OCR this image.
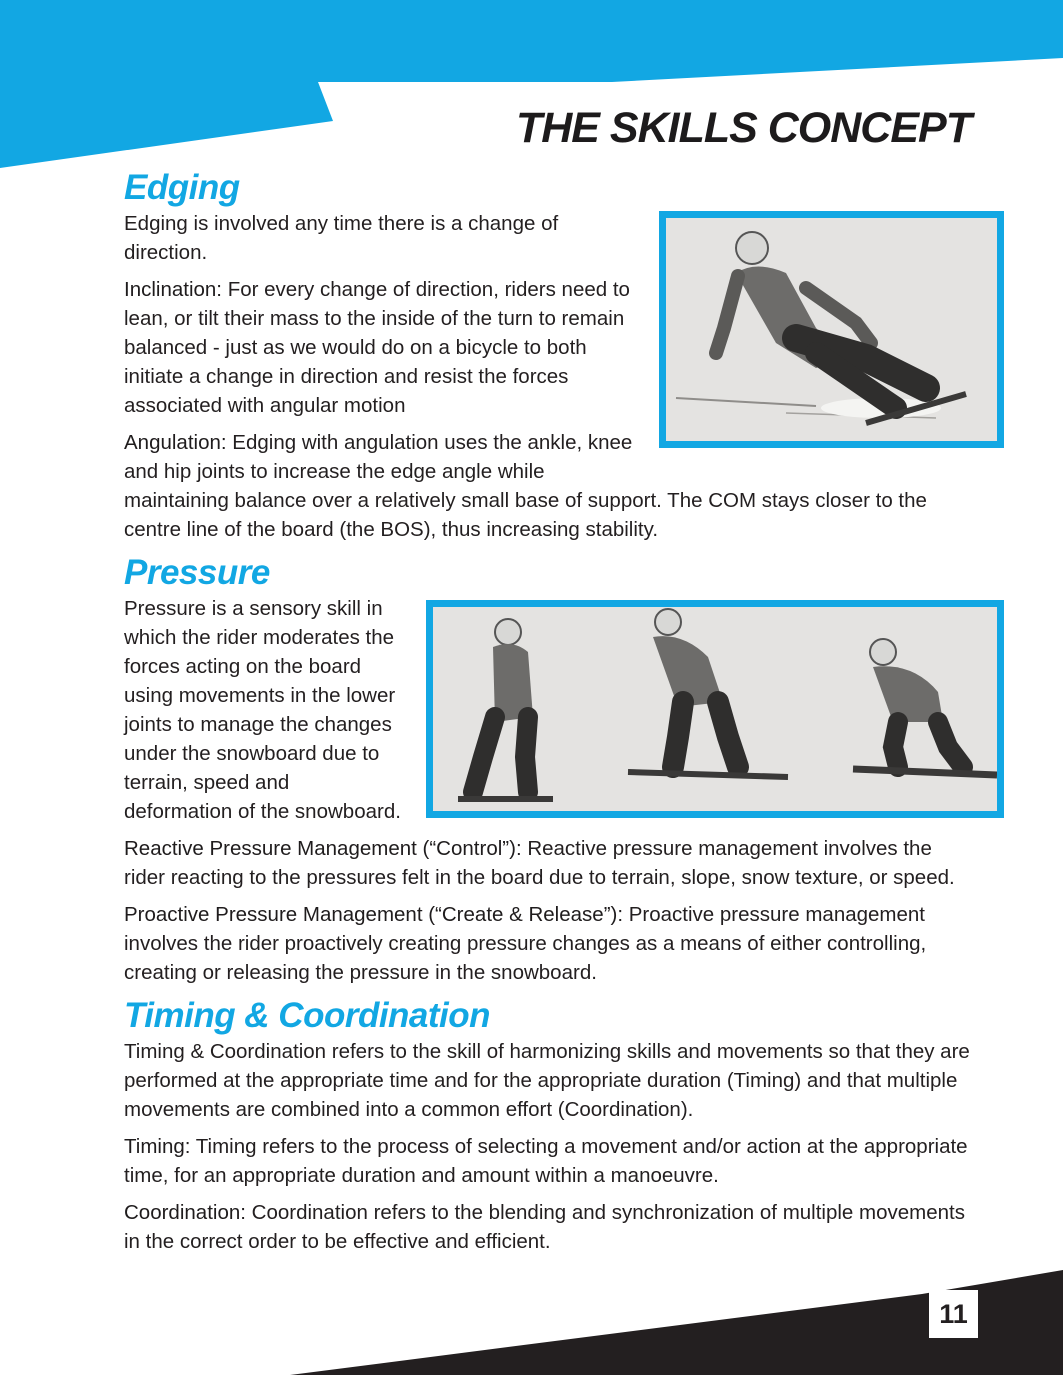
THE SKILLS CONCEPT
Edging

Edging is involved any time there is a change of direction.

Inclination: For every change of direction, riders need to lean, or tilt their mass to the inside of the turn to remain balanced - just as we would do on a bicycle to both initiate a change in direction and resist the forces associated with angular motion

Angulation: Edging with angulation uses the ankle, knee and hip joints to increase the edge angle while maintaining balance over a relatively small base of support. The COM stays closer to the centre line of the board (the BOS), thus increasing stability.

Pressure

Pressure is a sensory skill in which the rider moderates the forces acting on the board using movements in the lower joints to manage the changes under the snowboard due to terrain, speed and deformation of the snowboard.

Reactive Pressure Management (“Control”): Reactive pressure management involves the rider reacting to the pressures felt in the board due to terrain, slope, snow texture, or speed.

Proactive Pressure Management (“Create & Release”): Proactive pressure management involves the rider proactively creating pressure changes as a means of either controlling, creating or releasing the pressure in the snowboard.

Timing & Coordination

Timing & Coordination refers to the skill of harmonizing skills and movements so that they are performed at the appropriate time and for the appropriate duration (Timing) and that multiple movements are combined into a common effort (Coordination).

Timing: Timing refers to the process of selecting a movement and/or action at the appropriate time, for an appropriate duration and amount within a manoeuvre.

Coordination: Coordination refers to the blending and synchronization of multiple movements in the correct order to be effective and efficient.

11
